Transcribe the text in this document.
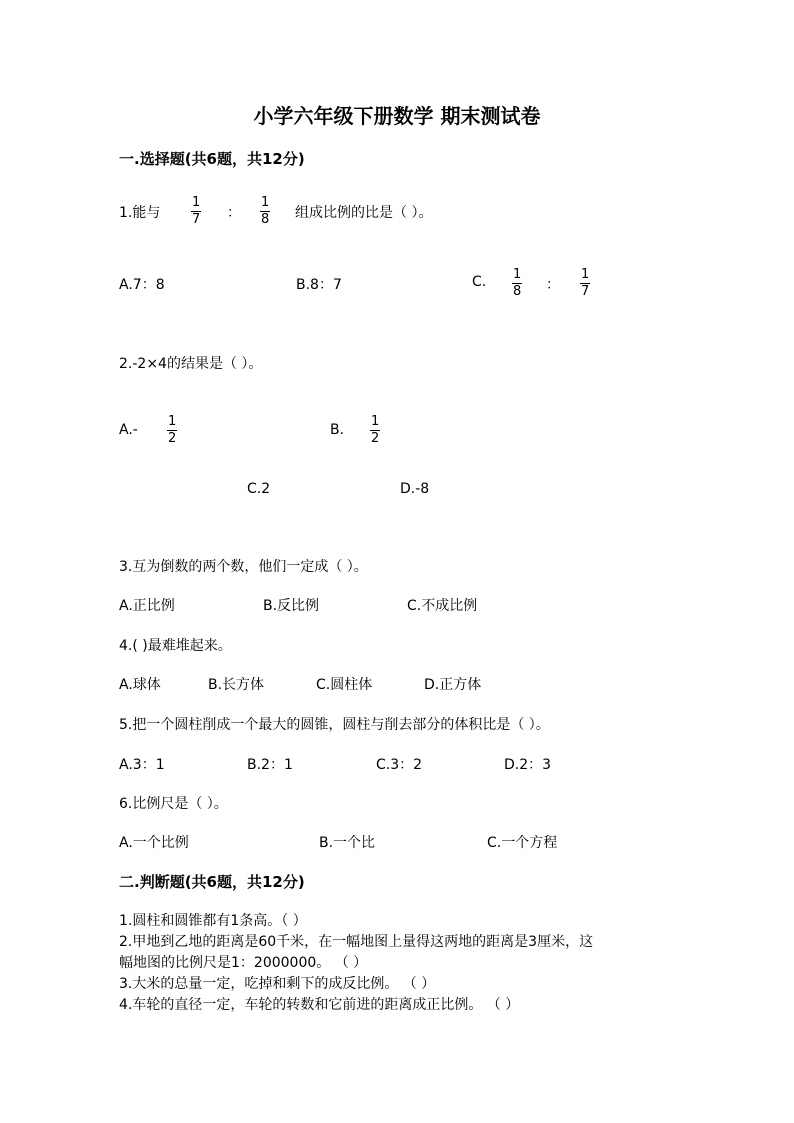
小学六年级下册数学 期末测试卷
一.选择题(共6题，共12分)
1.能与 $\frac{1}{7}$ ： $\frac{1}{8}$ 组成比例的比是（ ）。
A.7：8	B.8：7	C. $\frac{1}{8}$ ： $\frac{1}{7}$
2.-2×4的结果是（ ）。
$A.- \frac{1}{2}$	B. $\frac{1}{2}$
C.2	D.-8
3.互为倒数的两个数，他们一定成（ ）。
A.正比例	B.反比例	C.不成比例
4.( )最难堆起来。
A.球体	B.长方体	C.圆柱体	D.正方体
5.把一个圆柱削成一个最大的圆锥，圆柱与削去部分的体积比是（ ）。
A.3：1	B.2：1	C.3：2	D.2：3
6.比例尺是（ ）。
A.一个比例	B.一个比	C.一个方程
二.判断题(共6题，共12分)
1.圆柱和圆锥都有1条高。（ ）
2.甲地到乙地的距离是60千米，在一幅地图上量得这两地的距离是3厘米，这
幅地图的比例尺是1：2000000。 （ ）
3.大米的总量一定，吃掉和剩下的成反比例。 （ ）
4.车轮的直径一定，车轮的转数和它前进的距离成正比例。 （ ）
